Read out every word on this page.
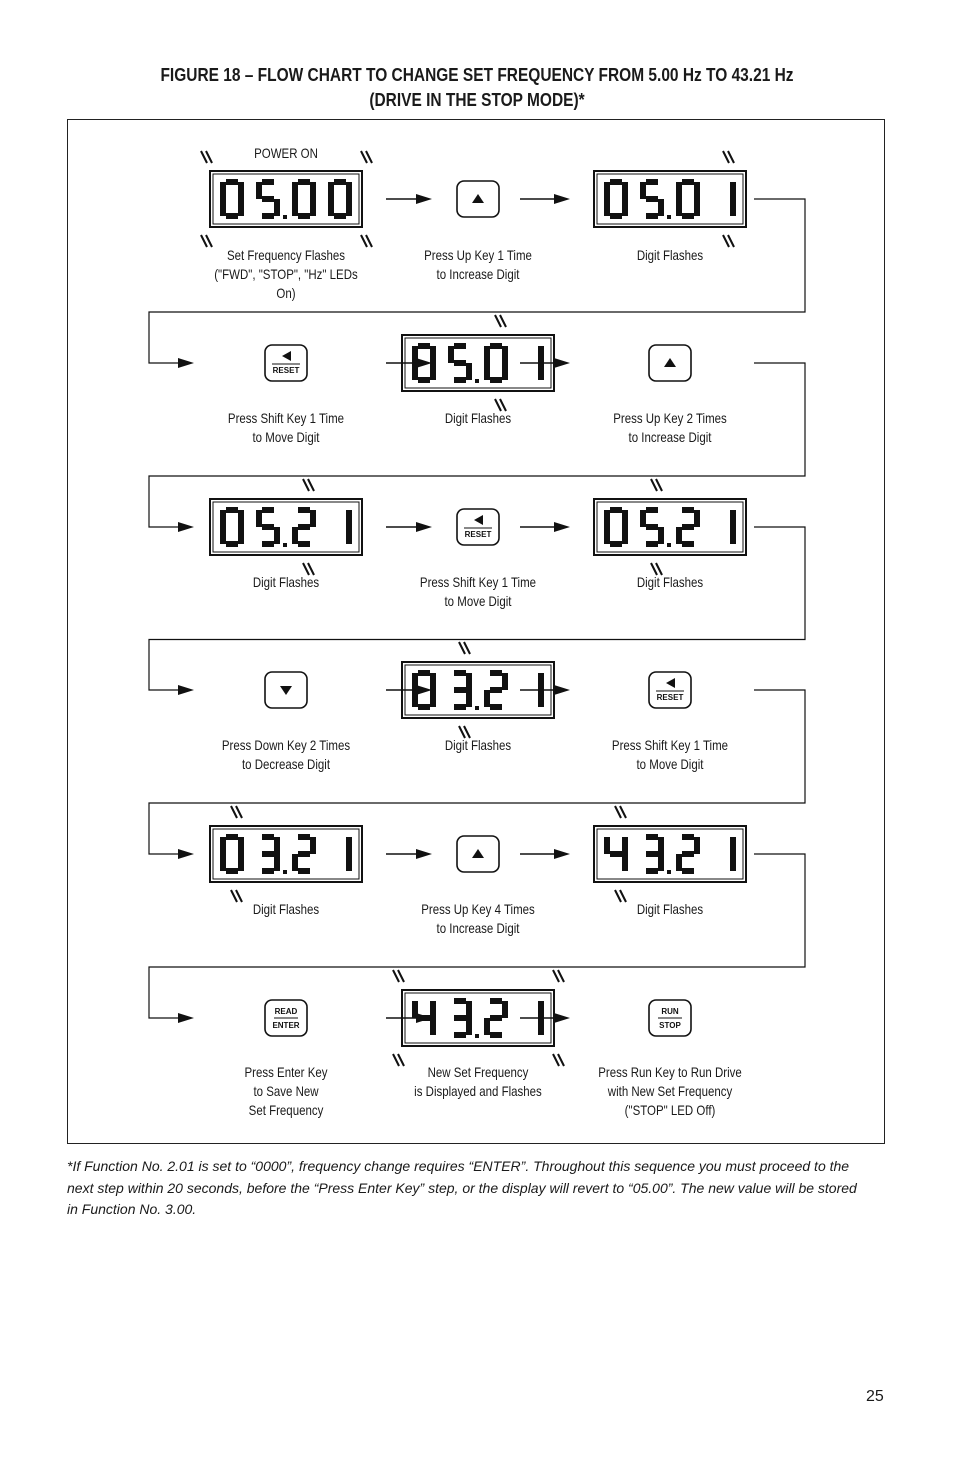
FIGURE 18 – FLOW CHART TO CHANGE SET FREQUENCY FROM 5.00 Hz TO 43.21 Hz
(DRIVE IN THE STOP MODE)*
RESET
RESET
RESET
READ
ENTER
RUN
STOP
POWER ON
Set Frequency Flashes
("FWD", "STOP", "Hz" LEDs On)
Press Up Key 1 Time
to Increase Digit
Digit Flashes
Press Shift Key 1 Time
to Move Digit
Digit Flashes	Press Up Key 2 Times
to Increase Digit
Digit Flashes	Press Shift Key 1 Time
to Move Digit
Digit Flashes
Press Down Key 2 Times
to Decrease Digit
Digit Flashes	Press Shift Key 1 Time
to Move Digit
Digit Flashes	Press Up Key 4 Times
to Increase Digit
Digit Flashes
Press Enter Key
to Save New
Set Frequency
New Set Frequency
is Displayed and Flashes
Press Run Key to Run Drive
with New Set Frequency
("STOP" LED Off)
*If Function No. 2.01 is set to “0000”, frequency change requires “ENTER”. Throughout this sequence you must proceed to the next step within 20 seconds, before the “Press Enter Key” step, or the display will revert to “05.00”. The new value will be stored in Function No. 3.00.
25
